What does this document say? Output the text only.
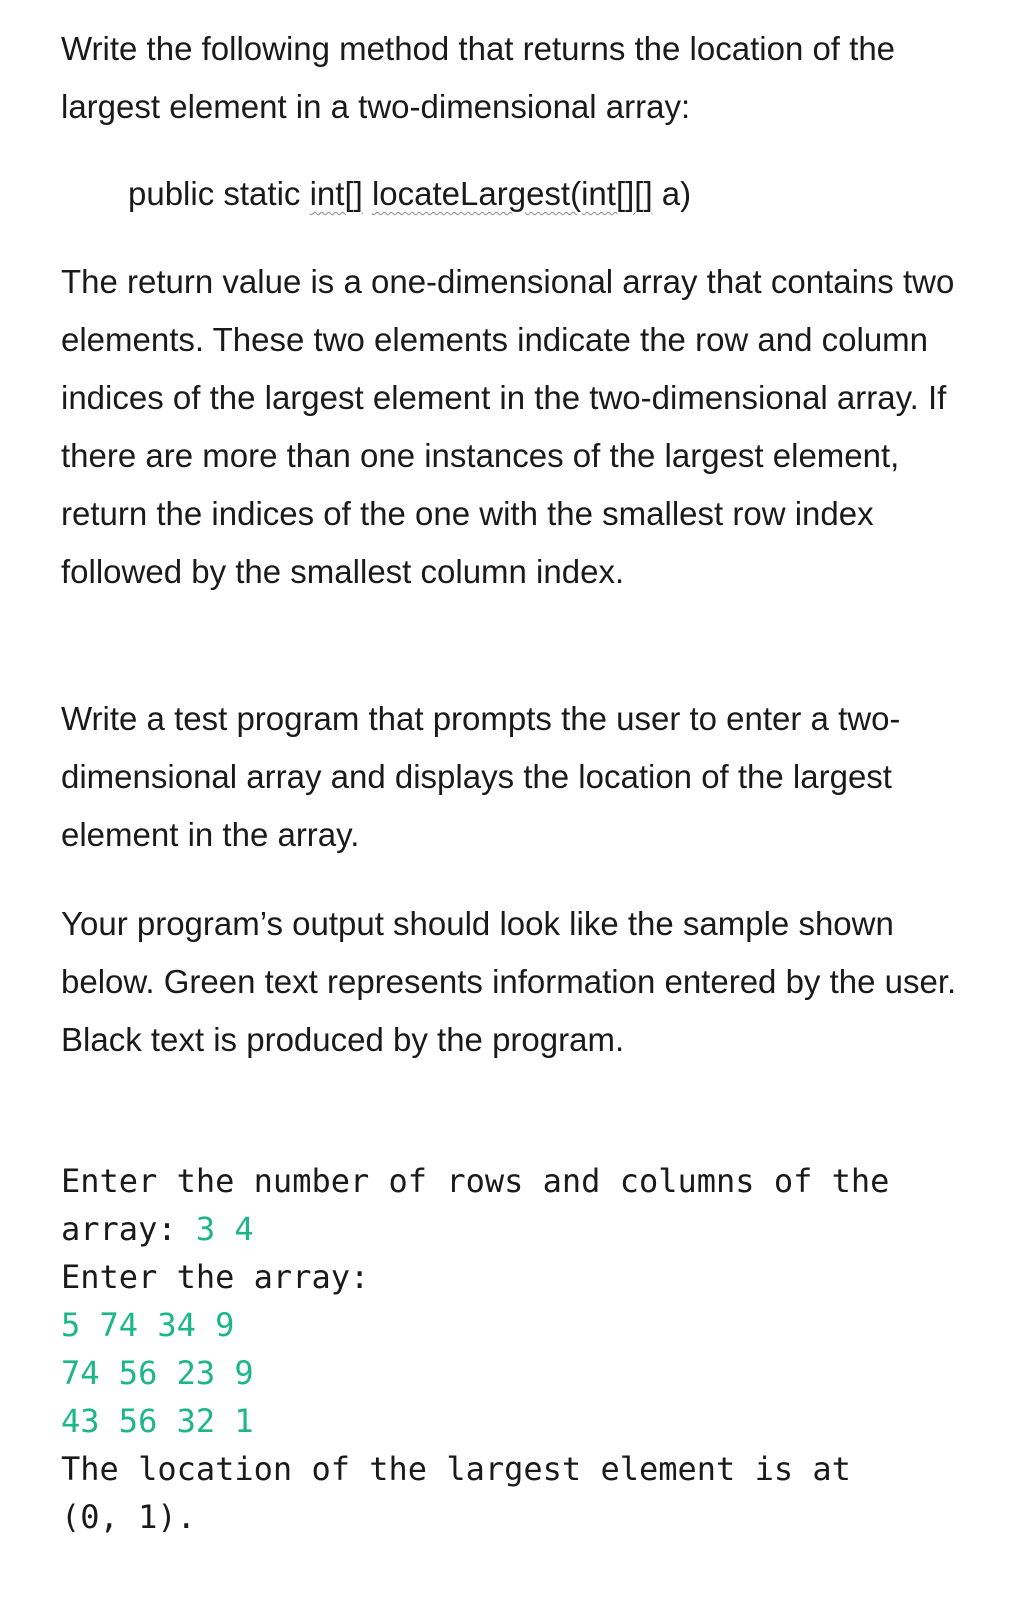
Write the following method that returns the location of the largest element in a two-dimensional array:

public static int[] locateLargest(int[][] a)

The return value is a one-dimensional array that contains two elements. These two elements indicate the row and column indices of the largest element in the two-dimensional array. If there are more than one instances of the largest element, return the indices of the one with the smallest row index followed by the smallest column index.

Write a test program that prompts the user to enter a two-dimensional array and displays the location of the largest element in the array.

Your program’s output should look like the sample shown below. Green text represents information entered by the user. Black text is produced by the program.

Enter the number of rows and columns of the
array: 3 4
Enter the array:
5 74 34 9
74 56 23 9
43 56 32 1
The location of the largest element is at
(0, 1).
